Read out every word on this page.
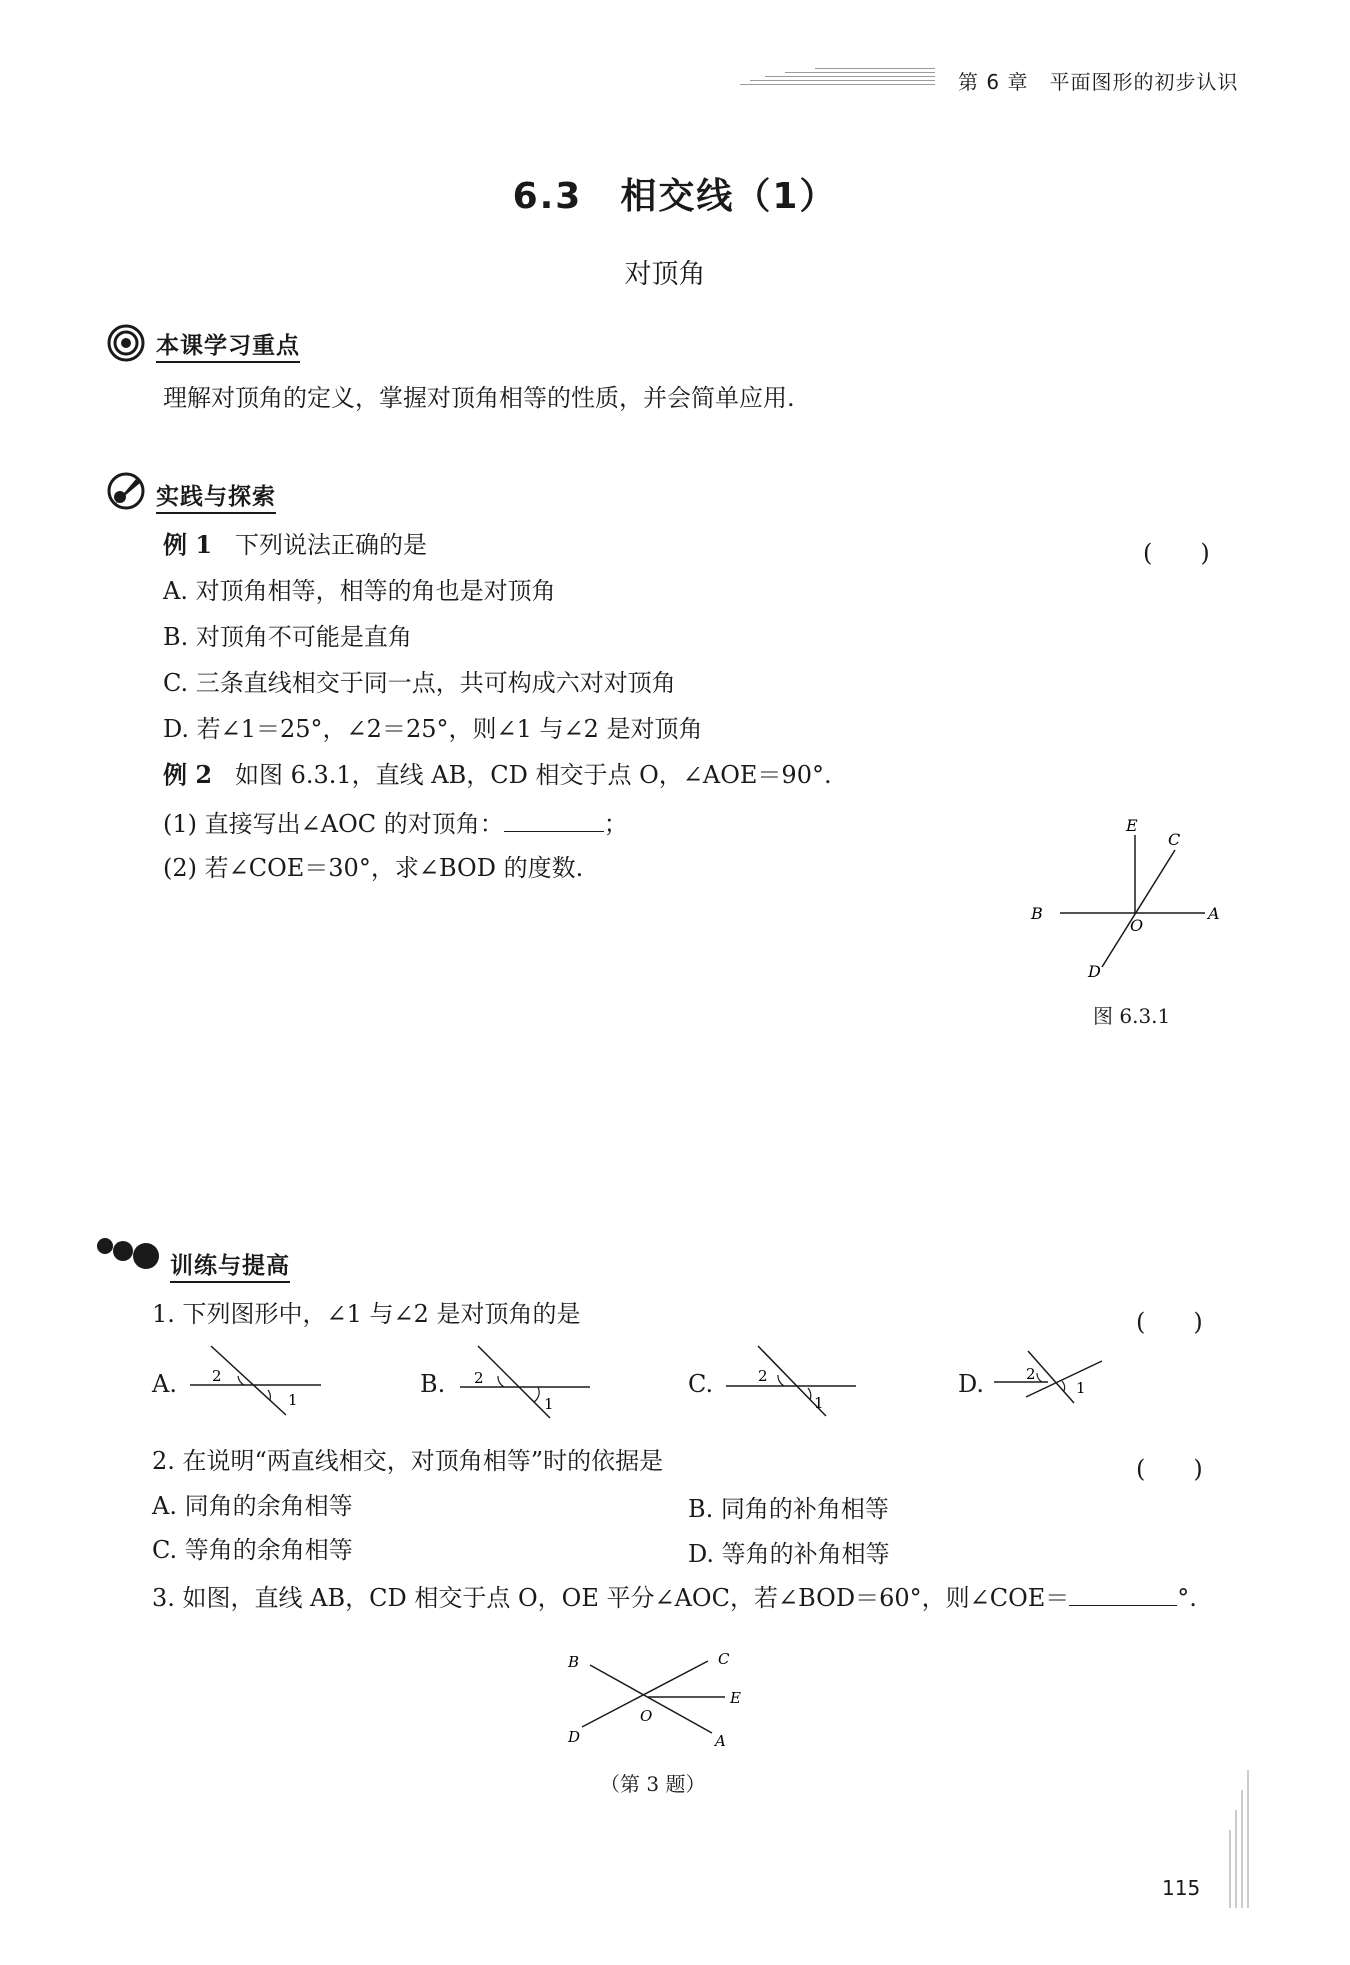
第 6 章　平面图形的初步认识
6.3　相交线（1）
对顶角
本课学习重点
理解对顶角的定义，掌握对顶角相等的性质，并会简单应用.
实践与探索
例 1 下列说法正确的是	(　　)
A. 对顶角相等，相等的角也是对顶角
B. 对顶角不可能是直角
C. 三条直线相交于同一点，共可构成六对对顶角
D. 若∠1＝25°，∠2＝25°，则∠1 与∠2 是对顶角
例 2 如图 6.3.1，直线 AB，CD 相交于点 O，∠AOE＝90°.
(1) 直接写出∠AOC 的对顶角：	；
(2) 若∠COE＝30°，求∠BOD 的度数.
B	A
E
C
D
O
图 6.3.1
训练与提高
1. 下列图形中，∠1 与∠2 是对顶角的是	(　　)
A. 2
1
B. 2
1
C.	2
1
D.	2
1
2. 在说明“两直线相交，对顶角相等”时的依据是	(　　)
A. 同角的余角相等	B. 同角的补角相等
C. 等角的余角相等	D. 等角的补角相等
3. 如图，直线 AB，CD 相交于点 O，OE 平分∠AOC，若∠BOD＝60°，则∠COE＝	°.
B	C
E
A
D
O
（第 3 题）
115
